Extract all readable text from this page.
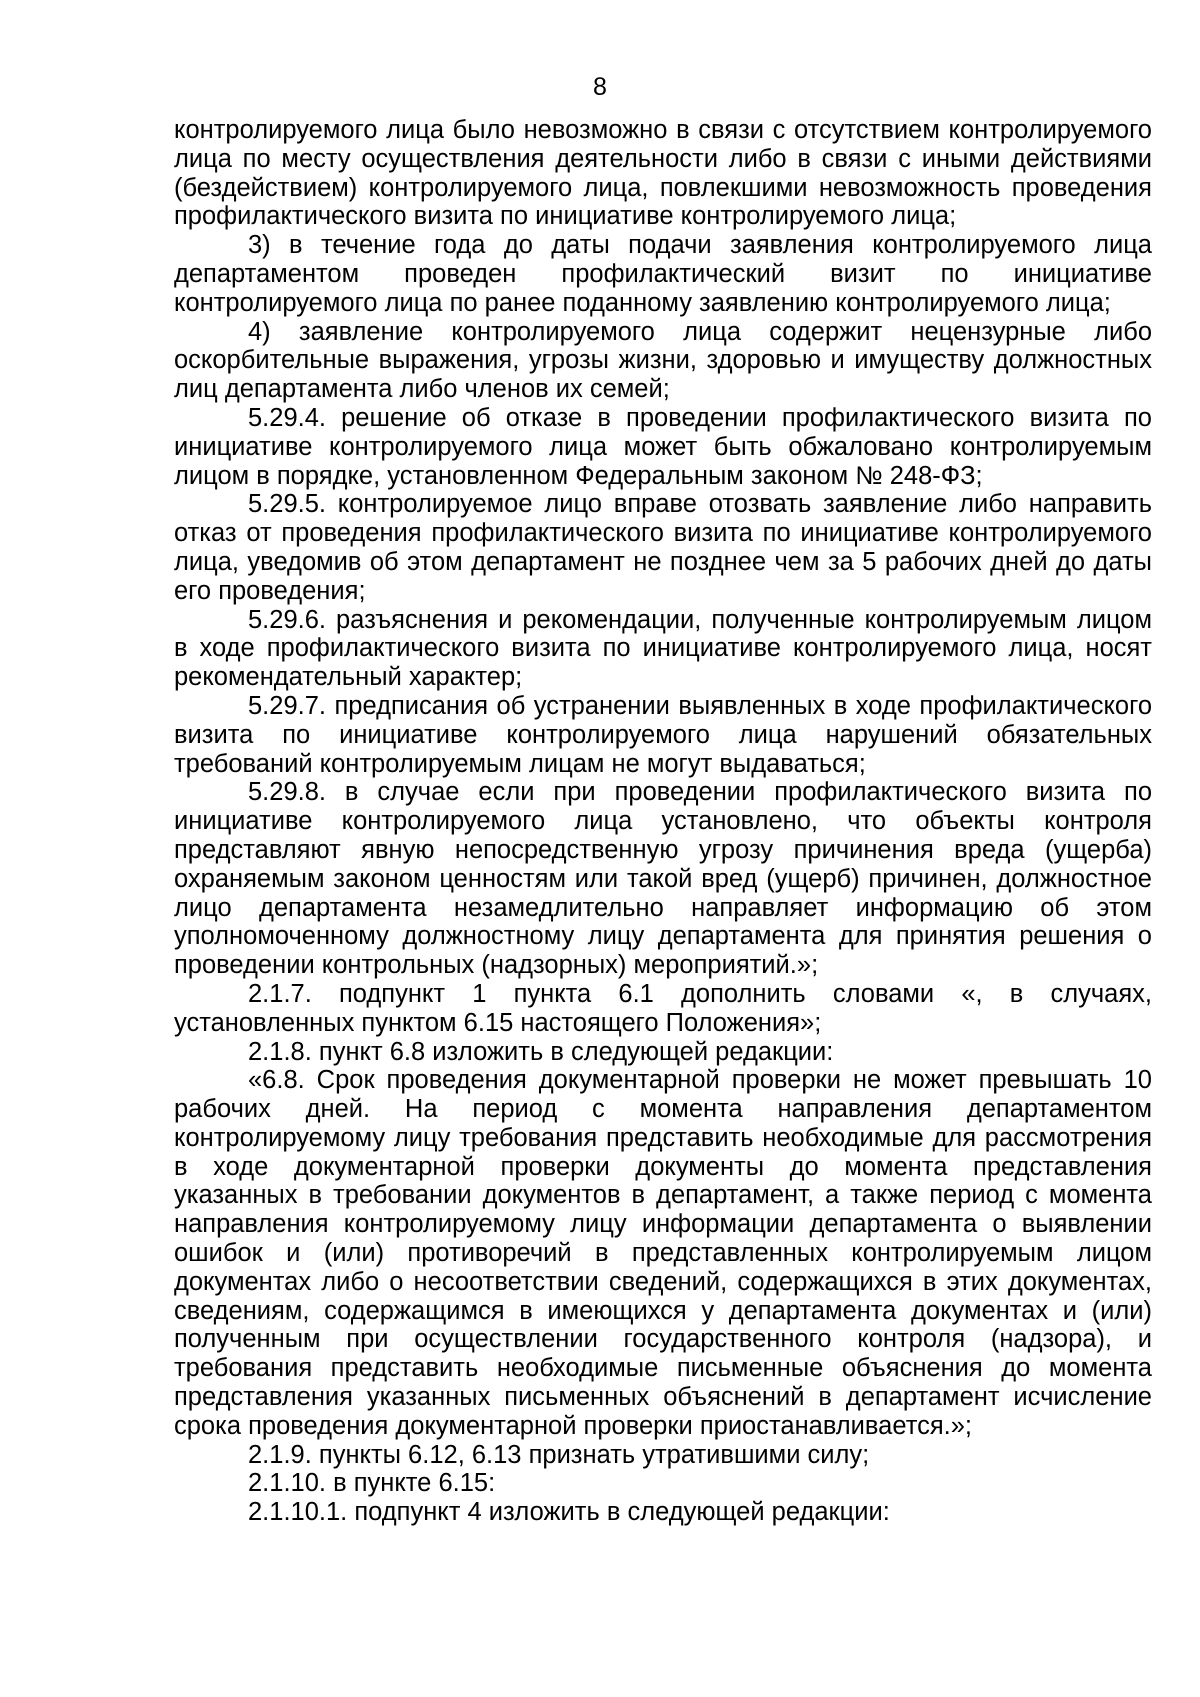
8

контролируемого лица было невозможно в связи с отсутствием контролируемого лица по месту осуществления деятельности либо в связи с иными действиями (бездействием) контролируемого лица, повлекшими невозможность проведения профилактического визита по инициативе контролируемого лица;

3) в течение года до даты подачи заявления контролируемого лица департаментом проведен профилактический визит по инициативе контролируемого лица по ранее поданному заявлению контролируемого лица;

4) заявление контролируемого лица содержит нецензурные либо оскорбительные выражения, угрозы жизни, здоровью и имуществу должностных лиц департамента либо членов их семей;

5.29.4. решение об отказе в проведении профилактического визита по инициативе контролируемого лица может быть обжаловано контролируемым лицом в порядке, установленном Федеральным законом № 248-ФЗ;

5.29.5. контролируемое лицо вправе отозвать заявление либо направить отказ от проведения профилактического визита по инициативе контролируемого лица, уведомив об этом департамент не позднее чем за 5 рабочих дней до даты его проведения;

5.29.6. разъяснения и рекомендации, полученные контролируемым лицом в ходе профилактического визита по инициативе контролируемого лица, носят рекомендательный характер;

5.29.7. предписания об устранении выявленных в ходе профилактического визита по инициативе контролируемого лица нарушений обязательных требований контролируемым лицам не могут выдаваться;

5.29.8. в случае если при проведении профилактического визита по инициативе контролируемого лица установлено, что объекты контроля представляют явную непосредственную угрозу причинения вреда (ущерба) охраняемым законом ценностям или такой вред (ущерб) причинен, должностное лицо департамента незамедлительно направляет информацию об этом уполномоченному должностному лицу департамента для принятия решения о проведении контрольных (надзорных) мероприятий.»;

2.1.7. подпункт 1 пункта 6.1 дополнить словами «, в случаях, установленных пунктом 6.15 настоящего Положения»;

2.1.8. пункт 6.8 изложить в следующей редакции:

«6.8. Срок проведения документарной проверки не может превышать 10 рабочих дней. На период с момента направления департаментом контролируемому лицу требования представить необходимые для рассмотрения в ходе документарной проверки документы до момента представления указанных в требовании документов в департамент, а также период с момента направления контролируемому лицу информации департамента о выявлении ошибок и (или) противоречий в представленных контролируемым лицом документах либо о несоответствии сведений, содержащихся в этих документах, сведениям, содержащимся в имеющихся у департамента документах и (или) полученным при осуществлении государственного контроля (надзора), и требования представить необходимые письменные объяснения до момента представления указанных письменных объяснений в департамент исчисление срока проведения документарной проверки приостанавливается.»;

2.1.9. пункты 6.12, 6.13 признать утратившими силу;

2.1.10. в пункте 6.15:

2.1.10.1. подпункт 4 изложить в следующей редакции:
